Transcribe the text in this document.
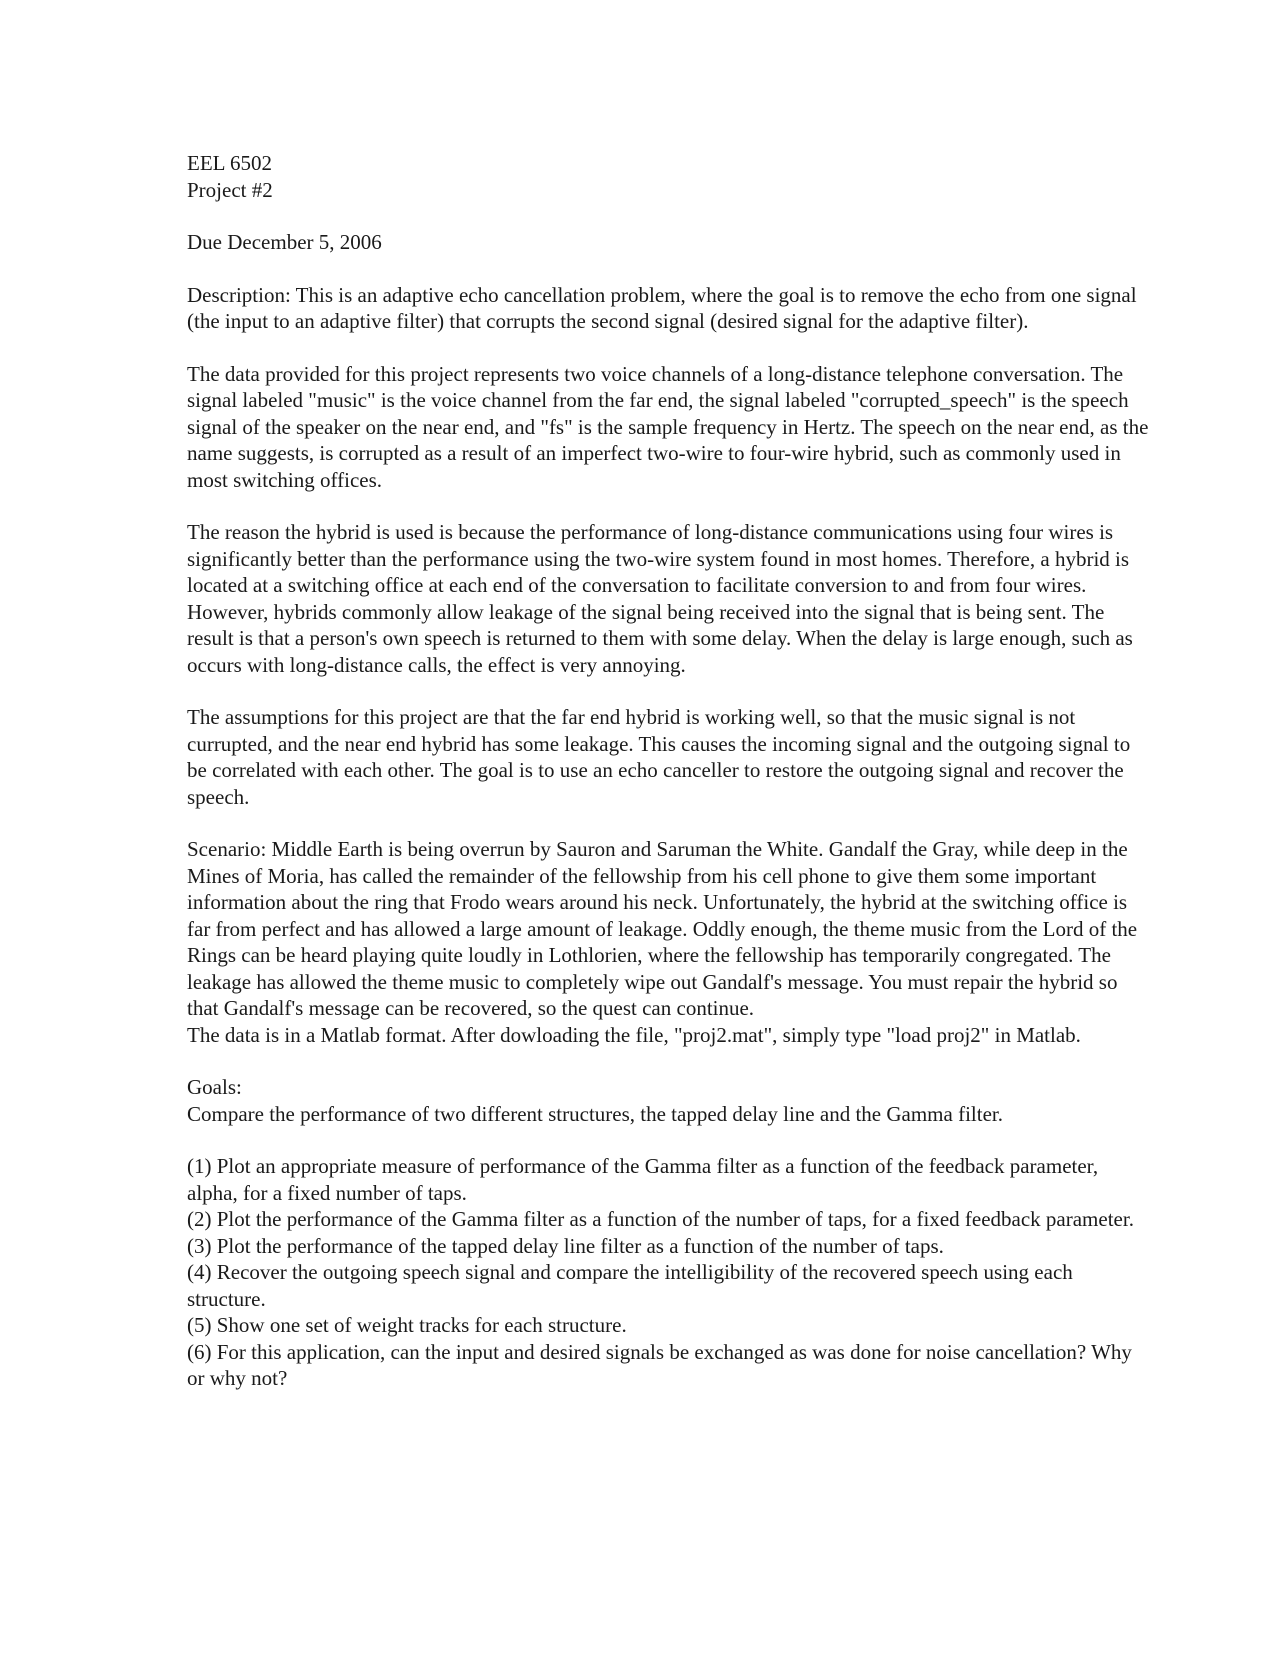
EEL 6502

Project #2

Due December 5, 2006

Description: This is an adaptive echo cancellation problem, where the goal is to remove the echo from one signal
(the input to an adaptive filter) that corrupts the second signal (desired signal for the adaptive filter).

The data provided for this project represents two voice channels of a long-distance telephone conversation. The
signal labeled "music" is the voice channel from the far end, the signal labeled "corrupted_speech" is the speech
signal of the speaker on the near end, and "fs" is the sample frequency in Hertz. The speech on the near end, as the
name suggests, is corrupted as a result of an imperfect two-wire to four-wire hybrid, such as commonly used in
most switching offices.

The reason the hybrid is used is because the performance of long-distance communications using four wires is
significantly better than the performance using the two-wire system found in most homes. Therefore, a hybrid is
located at a switching office at each end of the conversation to facilitate conversion to and from four wires.
However, hybrids commonly allow leakage of the signal being received into the signal that is being sent. The
result is that a person's own speech is returned to them with some delay. When the delay is large enough, such as
occurs with long-distance calls, the effect is very annoying.

The assumptions for this project are that the far end hybrid is working well, so that the music signal is not
currupted, and the near end hybrid has some leakage. This causes the incoming signal and the outgoing signal to
be correlated with each other. The goal is to use an echo canceller to restore the outgoing signal and recover the
speech.

Scenario: Middle Earth is being overrun by Sauron and Saruman the White. Gandalf the Gray, while deep in the
Mines of Moria, has called the remainder of the fellowship from his cell phone to give them some important
information about the ring that Frodo wears around his neck. Unfortunately, the hybrid at the switching office is
far from perfect and has allowed a large amount of leakage. Oddly enough, the theme music from the Lord of the
Rings can be heard playing quite loudly in Lothlorien, where the fellowship has temporarily congregated. The
leakage has allowed the theme music to completely wipe out Gandalf's message. You must repair the hybrid so
that Gandalf's message can be recovered, so the quest can continue.

The data is in a Matlab format. After dowloading the file, "proj2.mat", simply type "load proj2" in Matlab.

Goals:

Compare the performance of two different structures, the tapped delay line and the Gamma filter.

(1) Plot an appropriate measure of performance of the Gamma filter as a function of the feedback parameter,
alpha, for a fixed number of taps.

(2) Plot the performance of the Gamma filter as a function of the number of taps, for a fixed feedback parameter.

(3) Plot the performance of the tapped delay line filter as a function of the number of taps.

(4) Recover the outgoing speech signal and compare the intelligibility of the recovered speech using each
structure.

(5) Show one set of weight tracks for each structure.

(6) For this application, can the input and desired signals be exchanged as was done for noise cancellation? Why
or why not?
